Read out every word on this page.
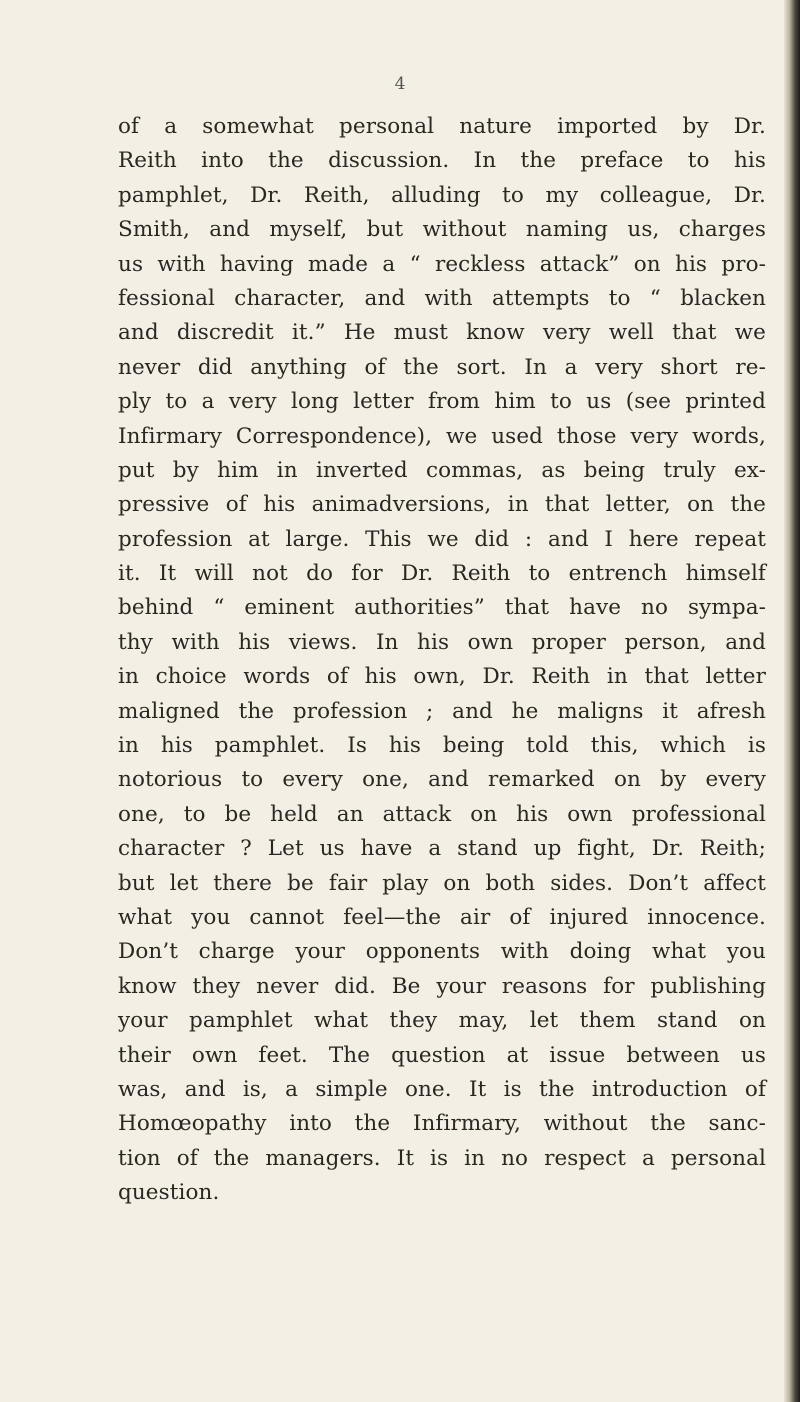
4
of a somewhat personal nature imported by Dr.
Reith into the discussion. In the preface to his
pamphlet, Dr. Reith, alluding to my colleague, Dr.
Smith, and myself, but without naming us, charges
us with having made a “ reckless attack” on his pro-
fessional character, and with attempts to “ blacken
and discredit it.” He must know very well that we
never did anything of the sort. In a very short re-
ply to a very long letter from him to us (see printed
Infirmary Correspondence), we used those very words,
put by him in inverted commas, as being truly ex-
pressive of his animadversions, in that letter, on the
profession at large. This we did : and I here repeat
it. It will not do for Dr. Reith to entrench himself
behind “ eminent authorities” that have no sympa-
thy with his views. In his own proper person, and
in choice words of his own, Dr. Reith in that letter
maligned the profession ; and he maligns it afresh
in his pamphlet. Is his being told this, which is
notorious to every one, and remarked on by every
one, to be held an attack on his own professional
character ? Let us have a stand up fight, Dr. Reith;
but let there be fair play on both sides. Don’t affect
what you cannot feel—the air of injured innocence.
Don’t charge your opponents with doing what you
know they never did. Be your reasons for publishing
your pamphlet what they may, let them stand on
their own feet. The question at issue between us
was, and is, a simple one. It is the introduction of
Homœopathy into the Infirmary, without the sanc-
tion of the managers. It is in no respect a personal
question.
